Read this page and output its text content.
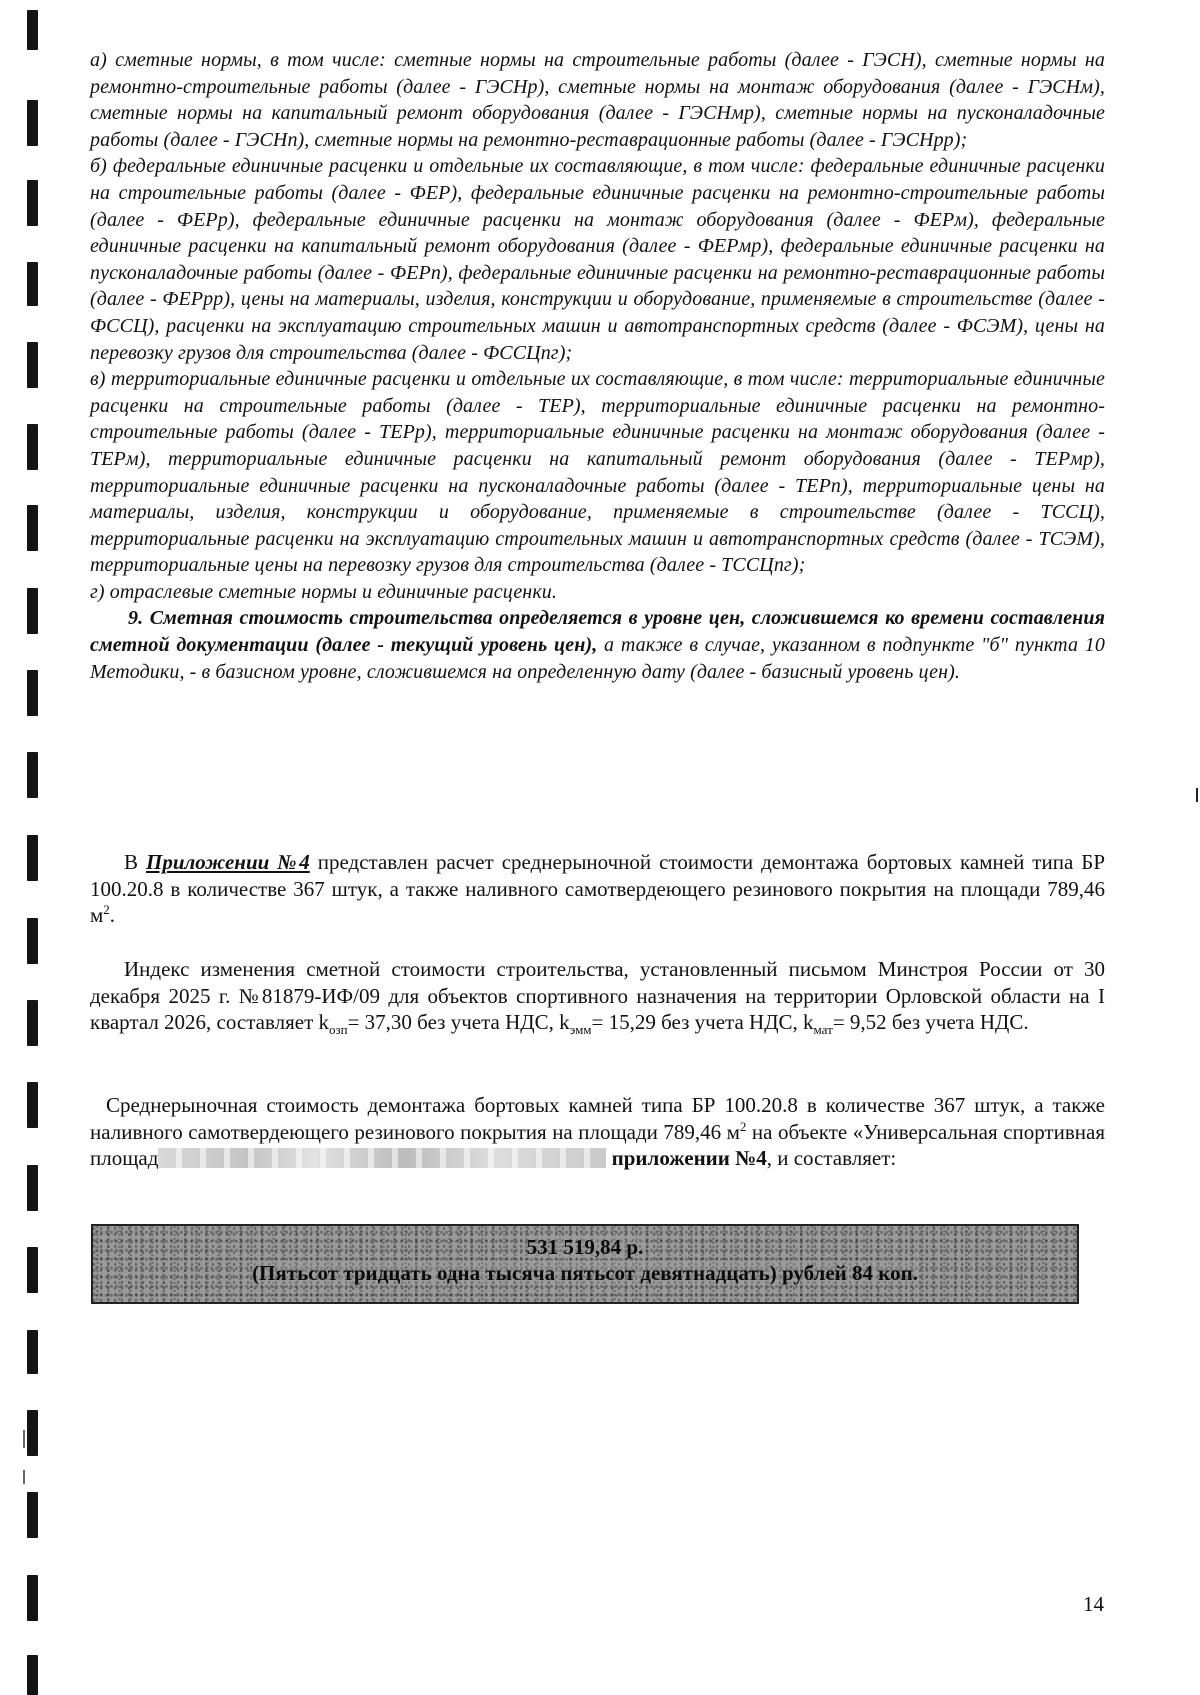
а) сметные нормы, в том числе: сметные нормы на строительные работы (далее - ГЭСН), сметные нормы на ремонтно-строительные работы (далее - ГЭСНр), сметные нормы на монтаж оборудования (далее - ГЭСНм), сметные нормы на капитальный ремонт оборудования (далее - ГЭСНмр), сметные нормы на пусконаладочные работы (далее - ГЭСНп), сметные нормы на ремонтно-реставрационные работы (далее - ГЭСНрр);

б) федеральные единичные расценки и отдельные их составляющие, в том числе: федеральные единичные расценки на строительные работы (далее - ФЕР), федеральные единичные расценки на ремонтно-строительные работы (далее - ФЕРр), федеральные единичные расценки на монтаж оборудования (далее - ФЕРм), федеральные единичные расценки на капитальный ремонт оборудования (далее - ФЕРмр), федеральные единичные расценки на пусконаладочные работы (далее - ФЕРп), федеральные единичные расценки на ремонтно-реставрационные работы (далее - ФЕРрр), цены на материалы, изделия, конструкции и оборудование, применяемые в строительстве (далее - ФССЦ), расценки на эксплуатацию строительных машин и автотранспортных средств (далее - ФСЭМ), цены на перевозку грузов для строительства (далее - ФССЦпг);

в) территориальные единичные расценки и отдельные их составляющие, в том числе: территориальные единичные расценки на строительные работы (далее - ТЕР), территориальные единичные расценки на ремонтно-строительные работы (далее - ТЕРр), территориальные единичные расценки на монтаж оборудования (далее - ТЕРм), территориальные единичные расценки на капитальный ремонт оборудования (далее - ТЕРмр), территориальные единичные расценки на пусконаладочные работы (далее - ТЕРп), территориальные цены на материалы, изделия, конструкции и оборудование, применяемые в строительстве (далее - ТССЦ), территориальные расценки на эксплуатацию строительных машин и автотранспортных средств (далее - ТСЭМ), территориальные цены на перевозку грузов для строительства (далее - ТССЦпг);

г) отраслевые сметные нормы и единичные расценки.

9. Сметная стоимость строительства определяется в уровне цен, сложившемся ко времени составления сметной документации (далее - текущий уровень цен), а также в случае, указанном в подпункте "б" пункта 10 Методики, - в базисном уровне, сложившемся на определенную дату (далее - базисный уровень цен).

В Приложении №4 представлен расчет среднерыночной стоимости демонтажа бортовых камней типа БР 100.20.8 в количестве 367 штук, а также наливного самотвердеющего резинового покрытия на площади 789,46 $м^2$.

Индекс изменения сметной стоимости строительства, установленный письмом Минстроя России от 30 декабря 2025 г. №81879-ИФ/09 для объектов спортивного назначения на территории Орловской области на I квартал 2026, составляет $k_{озп}= 37,30$ без учета НДС, $k_{эмм}= 15,29$ без учета НДС, $k_{мат}= 9,52$ без учета НДС.

Среднерыночная стоимость демонтажа бортовых камней типа БР 100.20.8 в количестве 367 штук, а также наливного самотвердеющего резинового покрытия на площади 789,46 $м^2$ на объекте «Универсальная спортивная площад	приложении №4, и составляет:

531 519,84 р.
(Пятьсот тридцать одна тысяча пятьсот девятнадцать) рублей 84 коп.
14
